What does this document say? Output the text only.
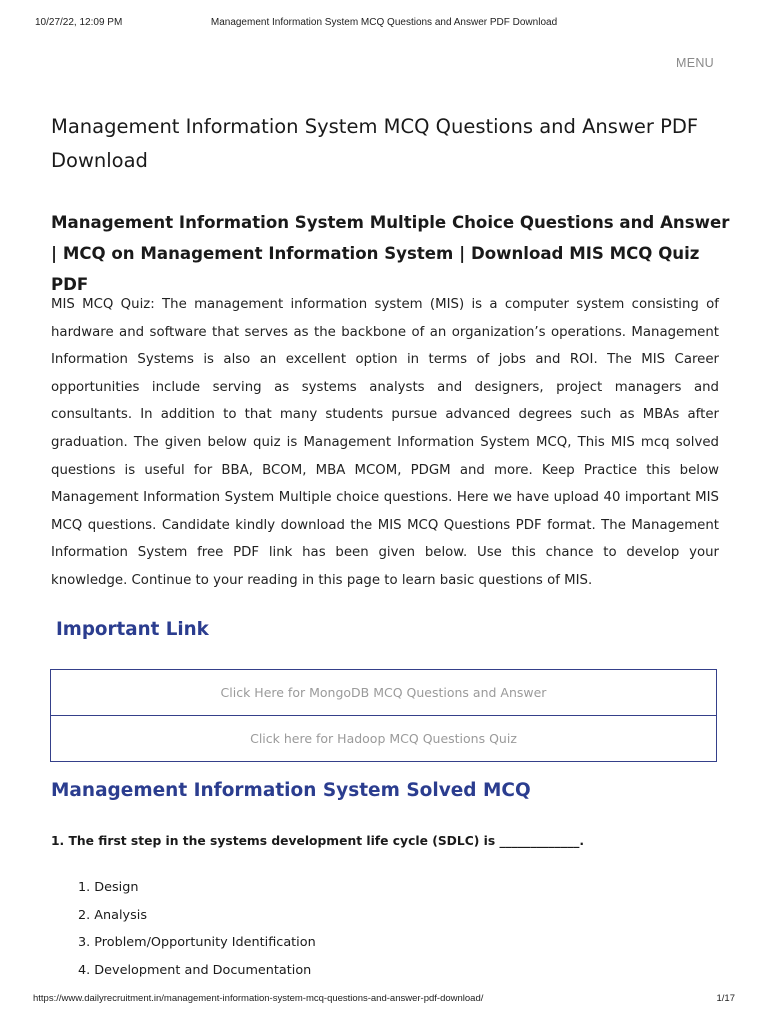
10/27/22, 12:09 PM	Management Information System MCQ Questions and Answer PDF Download
MENU
Management Information System MCQ Questions and Answer PDF Download
Management Information System Multiple Choice Questions and Answer | MCQ on Management Information System | Download MIS MCQ Quiz PDF

MIS MCQ Quiz: The management information system (MIS) is a computer system consisting of hardware and software that serves as the backbone of an organization’s operations. Management Information Systems is also an excellent option in terms of jobs and ROI. The MIS Career opportunities include serving as systems analysts and designers, project managers and consultants. In addition to that many students pursue advanced degrees such as MBAs after graduation. The given below quiz is Management Information System MCQ, This MIS mcq solved questions is useful for BBA, BCOM, MBA MCOM, PDGM and more. Keep Practice this below Management Information System Multiple choice questions. Here we have upload 40 important MIS MCQ questions. Candidate kindly download the MIS MCQ Questions PDF format. The Management Information System free PDF link has been given below. Use this chance to develop your knowledge. Continue to your reading in this page to learn basic questions of MIS.

Important Link
Click Here for MongoDB MCQ Questions and Answer
Click here for Hadoop MCQ Questions Quiz
Management Information System Solved MCQ

1. The first step in the systems development life cycle (SDLC) is _____________.

1. Design
2. Analysis
3. Problem/Opportunity Identification
4. Development and Documentation
https://www.dailyrecruitment.in/management-information-system-mcq-questions-and-answer-pdf-download/	1/17
